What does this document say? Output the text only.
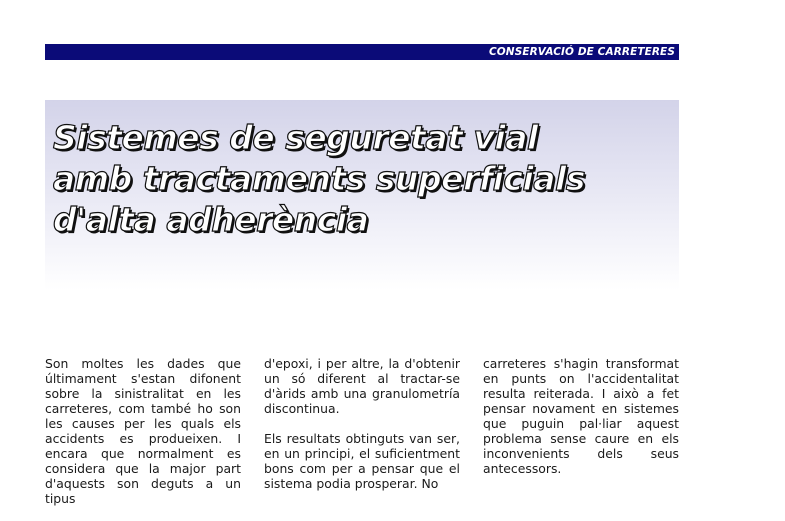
CONSERVACIÓ DE CARRETERES
Sistemes de seguretat vial
amb tractaments superficials
d'alta adherència

Son moltes les dades que últimament s'estan difonent sobre la sinistralitat en les carreteres, com també ho son les causes per les quals els accidents es produeixen. I encara que normalment es considera que la major part d'aquests son deguts a un tipus

d'epoxi, i per altre, la d'obtenir un só diferent al tractar-se d'àrids amb una granulometría discontinua.

Els resultats obtinguts van ser, en un principi, el suficientment bons com per a pensar que el sistema podia prosperar. No

carreteres s'hagin transformat en punts on l'accidentalitat resulta reiterada. I això a fet pensar novament en sistemes que puguin pal·liar aquest problema sense caure en els inconvenients dels seus antecessors.
